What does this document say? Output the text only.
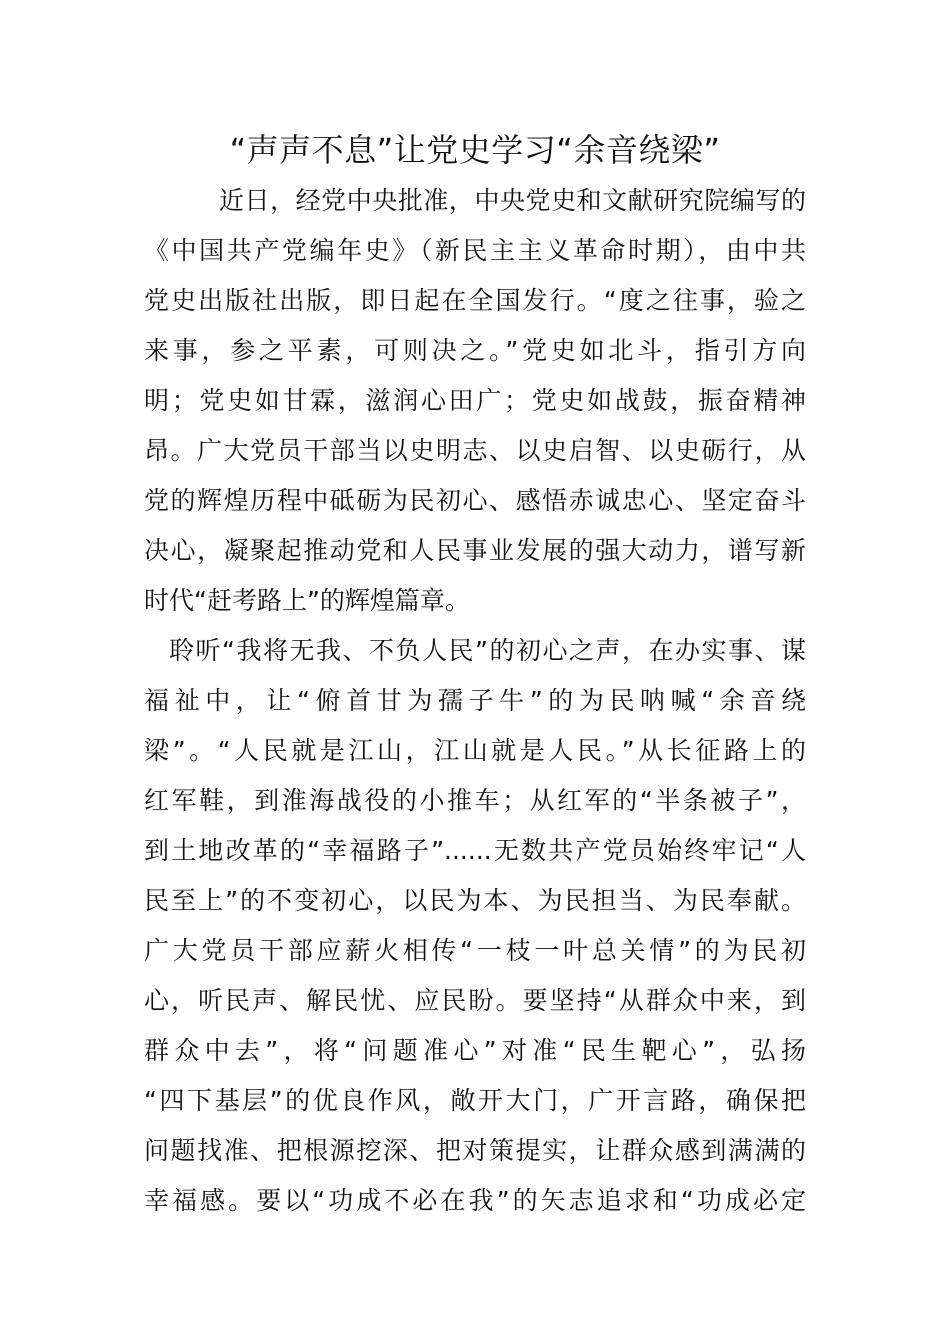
“声声不息”让党史学习“余音绕梁”
近日，经党中央批准，中央党史和文献研究院编写的
《中国共产党编年史》（新民主主义革命时期），由中共
党史出版社出版，即日起在全国发行。“度之往事，验之
来事，参之平素，可则决之。”党史如北斗，指引方向
明；党史如甘霖，滋润心田广；党史如战鼓，振奋精神
昂。广大党员干部当以史明志、以史启智、以史砺行，从
党的辉煌历程中砥砺为民初心、感悟赤诚忠心、坚定奋斗
决心，凝聚起推动党和人民事业发展的强大动力，谱写新
时代“赶考路上”的辉煌篇章。
聆听“我将无我、不负人民”的初心之声，在办实事、谋
福祉中，让“俯首甘为孺子牛”的为民呐喊“余音绕
梁”。“人民就是江山，江山就是人民。”从长征路上的
红军鞋，到淮海战役的小推车；从红军的“半条被子”，
到土地改革的“幸福路子”......无数共产党员始终牢记“人
民至上”的不变初心，以民为本、为民担当、为民奉献。
广大党员干部应薪火相传“一枝一叶总关情”的为民初
心，听民声、解民忧、应民盼。要坚持“从群众中来，到
群众中去”，将“问题准心”对准“民生靶心”，弘扬
“四下基层”的优良作风，敞开大门，广开言路，确保把
问题找准、把根源挖深、把对策提实，让群众感到满满的
幸福感。要以“功成不必在我”的矢志追求和“功成必定
